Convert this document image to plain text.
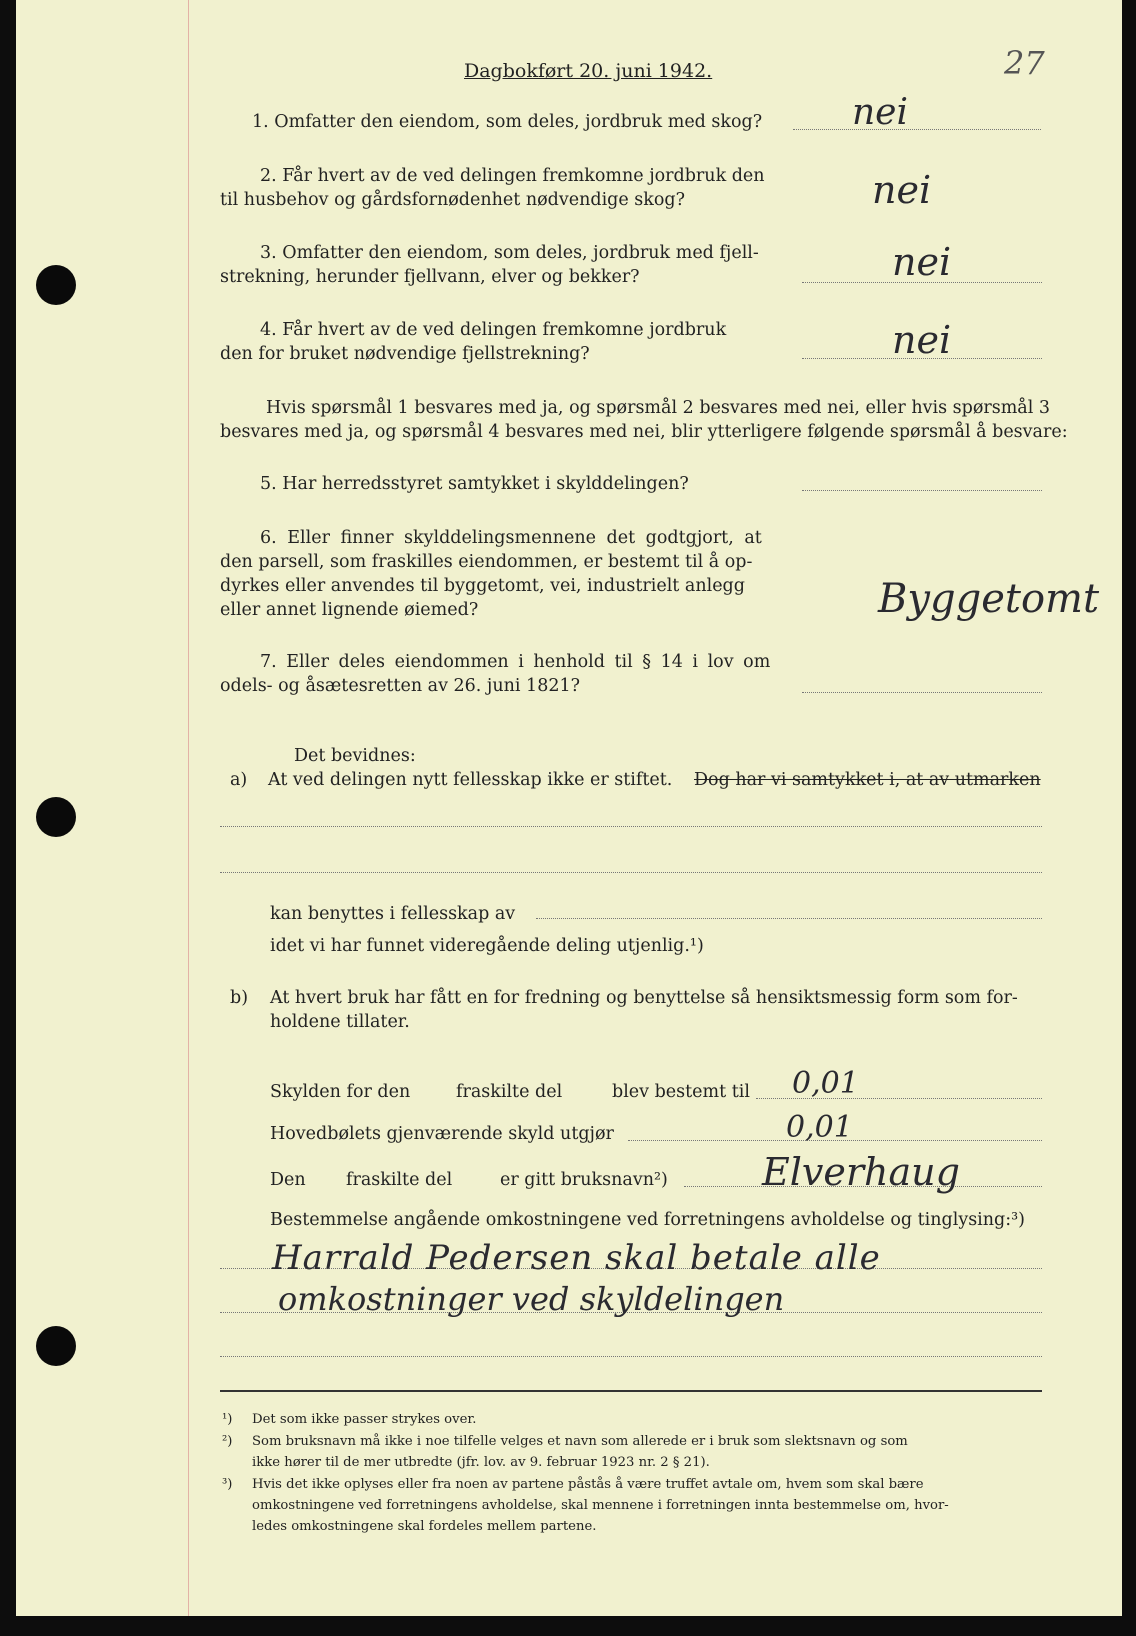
Dagbokført 20. juni 1942.	27
1. Omfatter den eiendom, som deles, jordbruk med skog? nei
2. Får hvert av de ved delingen fremkomne jordbruk den
til husbehov og gårdsfornødenhet nødvendige skog?	nei
3. Omfatter den eiendom, som deles, jordbruk med fjell-
strekning, herunder fjellvann, elver og bekker?	nei
4. Får hvert av de ved delingen fremkomne jordbruk
den for bruket nødvendige fjellstrekning?	nei
Hvis spørsmål 1 besvares med ja, og spørsmål 2 besvares med nei, eller hvis spørsmål 3
besvares med ja, og spørsmål 4 besvares med nei, blir ytterligere følgende spørsmål å besvare:
5. Har herredsstyret samtykket i skylddelingen?
6. Eller finner skylddelingsmennene det godtgjort, at
den parsell, som fraskilles eiendommen, er bestemt til å op-
dyrkes eller anvendes til byggetomt, vei, industrielt anlegg
eller annet lignende øiemed?	Byggetomt
7. Eller deles eiendommen i henhold til § 14 i lov om
odels- og åsætesretten av 26. juni 1821?
Det bevidnes:
a) At ved delingen nytt fellesskap ikke er stiftet. Dog har vi samtykket i, at av utmarken
kan benyttes i fellesskap av
idet vi har funnet videregående deling utjenlig.¹)
b) At hvert bruk har fått en for fredning og benyttelse så hensiktsmessig form som for-
holdene tillater.
Skylden for den	fraskilte del	blev bestemt til 0,01
Hovedbølets gjenværende skyld utgjør	0,01
Den fraskilte del	er gitt bruksnavn²) Elverhaug
Bestemmelse angående omkostningene ved forretningens avholdelse og tinglysing:³)
Harrald Pedersen skal betale alle
omkostninger ved skyldelingen
¹) Det som ikke passer strykes over.
²) Som bruksnavn må ikke i noe tilfelle velges et navn som allerede er i bruk som slektsnavn og som
ikke hører til de mer utbredte (jfr. lov. av 9. februar 1923 nr. 2 § 21).
³) Hvis det ikke oplyses eller fra noen av partene påstås å være truffet avtale om, hvem som skal bære
omkostningene ved forretningens avholdelse, skal mennene i forretningen innta bestemmelse om, hvor-
ledes omkostningene skal fordeles mellem partene.
